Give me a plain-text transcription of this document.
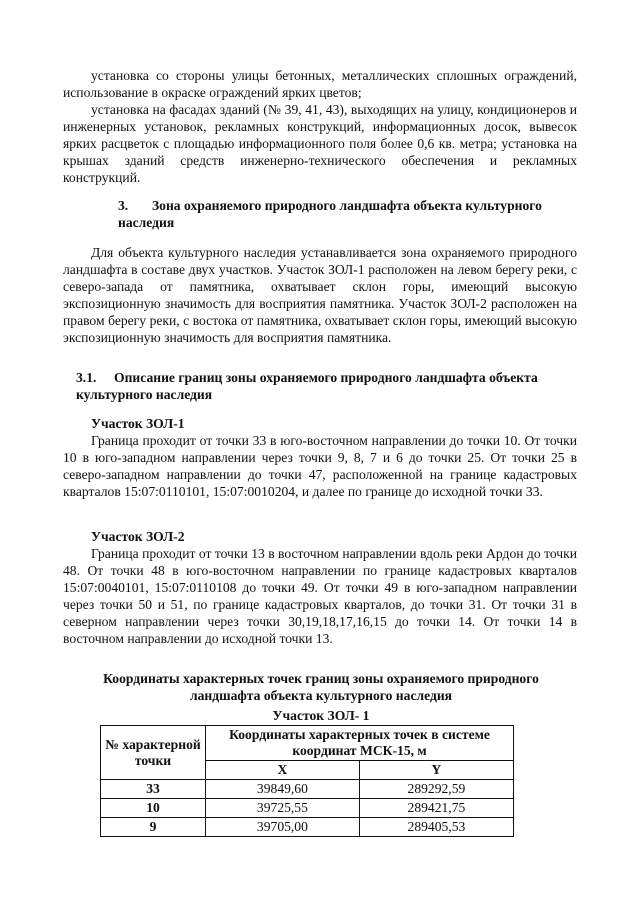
установка со стороны улицы бетонных, металлических сплошных ограждений, использование в окраске ограждений ярких цветов;

установка на фасадах зданий (№ 39, 41, 43), выходящих на улицу, кондиционеров и инженерных установок, рекламных конструкций, информационных досок, вывесок ярких расцветок с площадью информационного поля более 0,6 кв. метра; установка на крышах зданий средств инженерно-технического обеспечения и рекламных конструкций.

3. Зона охраняемого природного ландшафта объекта культурного наследия

Для объекта культурного наследия устанавливается зона охраняемого природного ландшафта в составе двух участков. Участок ЗОЛ-1 расположен на левом берегу реки, с северо-запада от памятника, охватывает склон горы, имеющий высокую экспозиционную значимость для восприятия памятника. Участок ЗОЛ-2 расположен на правом берегу реки, с востока от памятника, охватывает склон горы, имеющий высокую экспозиционную значимость для восприятия памятника.

3.1. Описание границ зоны охраняемого природного ландшафта объекта культурного наследия

Участок ЗОЛ-1

Граница проходит от точки 33 в юго-восточном направлении до точки 10. От точки 10 в юго-западном направлении через точки 9, 8, 7 и 6 до точки 25. От точки 25 в северо-западном направлении до точки 47, расположенной на границе кадастровых кварталов 15:07:0110101, 15:07:0010204, и далее по границе до исходной точки 33.

Участок ЗОЛ-2

Граница проходит от точки 13 в восточном направлении вдоль реки Ардон до точки 48. От точки 48 в юго-восточном направлении по границе кадастровых кварталов 15:07:0040101, 15:07:0110108 до точки 49. От точки 49 в юго-западном направлении через точки 50 и 51, по границе кадастровых кварталов, до точки 31. От точки 31 в северном направлении через точки 30,19,18,17,16,15 до точки 14. От точки 14 в восточном направлении до исходной точки 13.

Координаты характерных точек границ зоны охраняемого природного ландшафта объекта культурного наследия

Участок ЗОЛ- 1

№ характерной точки	Координаты характерных точек в системе координат МСК-15, м	
	X	Y
33	39849,60	289292,59
10	39725,55	289421,75
9	39705,00	289405,53
